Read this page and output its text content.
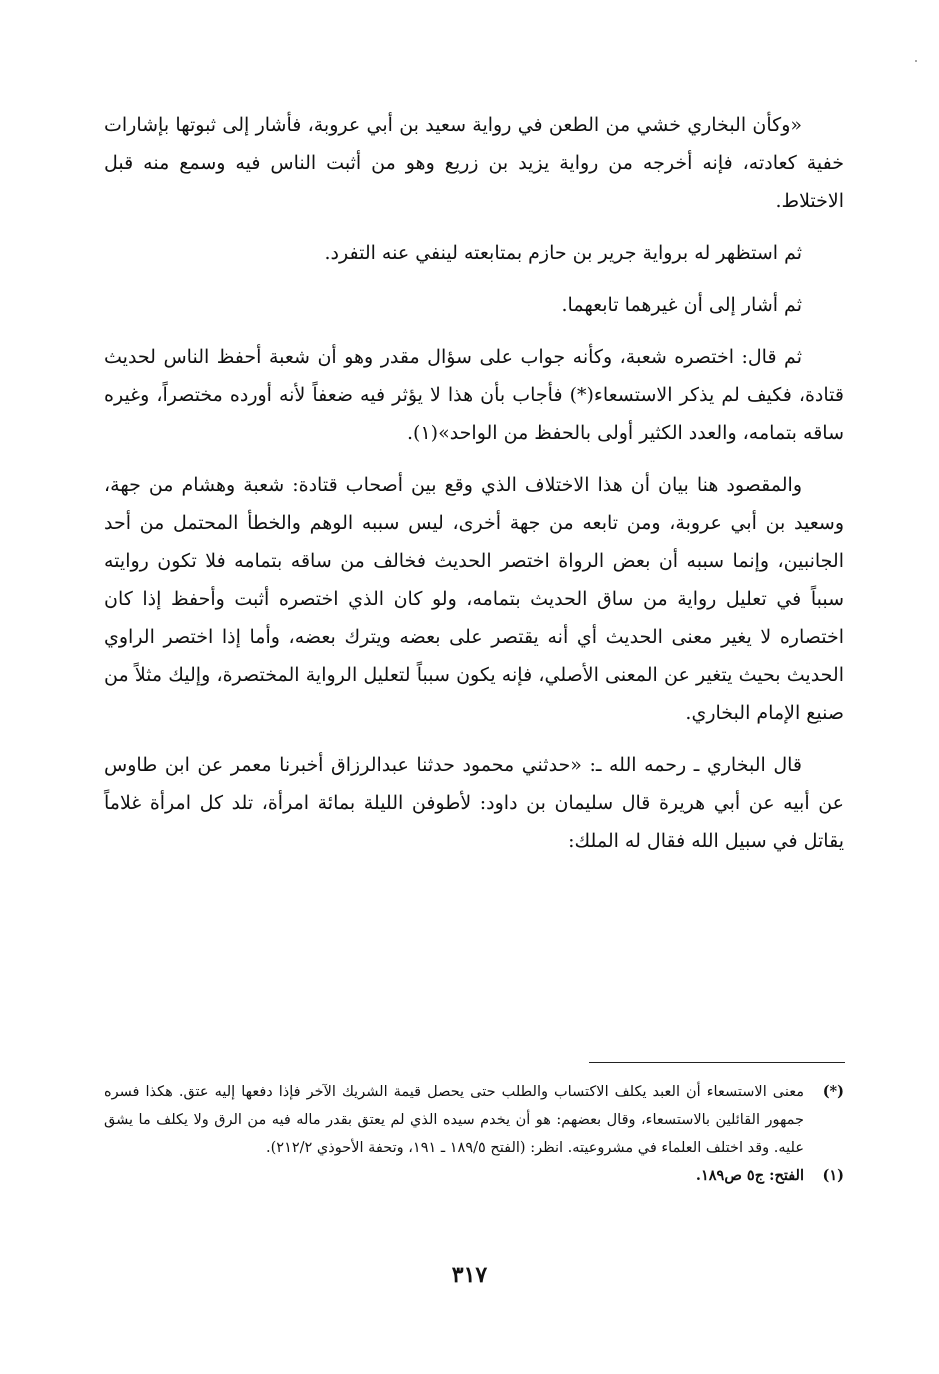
«وكأن البخاري خشي من الطعن في رواية سعيد بن أبي عروبة، فأشار إلى ثبوتها بإشارات خفية كعادته، فإنه أخرجه من رواية يزيد بن زريع وهو من أثبت الناس فيه وسمع منه قبل الاختلاط.

ثم استظهر له برواية جرير بن حازم بمتابعته لينفي عنه التفرد.

ثم أشار إلى أن غيرهما تابعهما.

ثم قال: اختصره شعبة، وكأنه جواب على سؤال مقدر وهو أن شعبة أحفظ الناس لحديث قتادة، فكيف لم يذكر الاستسعاء(*) فأجاب بأن هذا لا يؤثر فيه ضعفاً لأنه أورده مختصراً، وغيره ساقه بتمامه، والعدد الكثير أولى بالحفظ من الواحد»(١).

والمقصود هنا بيان أن هذا الاختلاف الذي وقع بين أصحاب قتادة: شعبة وهشام من جهة، وسعيد بن أبي عروبة، ومن تابعه من جهة أخرى، ليس سببه الوهم والخطأ المحتمل من أحد الجانبين، وإنما سببه أن بعض الرواة اختصر الحديث فخالف من ساقه بتمامه فلا تكون روايته سبباً في تعليل رواية من ساق الحديث بتمامه، ولو كان الذي اختصره أثبت وأحفظ إذا كان اختصاره لا يغير معنى الحديث أي أنه يقتصر على بعضه ويترك بعضه، وأما إذا اختصر الراوي الحديث بحيث يتغير عن المعنى الأصلي، فإنه يكون سبباً لتعليل الرواية المختصرة، وإليك مثلاً من صنيع الإمام البخاري.

قال البخاري ـ رحمه الله ـ: «حدثني محمود حدثنا عبدالرزاق أخبرنا معمر عن ابن طاوس عن أبيه عن أبي هريرة قال سليمان بن داود: لأطوفن الليلة بمائة امرأة، تلد كل امرأة غلاماً يقاتل في سبيل الله فقال له الملك:

(*)
معنى الاستسعاء أن العبد يكلف الاكتساب والطلب حتى يحصل قيمة الشريك الآخر فإذا دفعها إليه عتق. هكذا فسره جمهور القائلين بالاستسعاء، وقال بعضهم: هو أن يخدم سيده الذي لم يعتق بقدر ماله فيه من الرق ولا يكلف ما يشق عليه. وقد اختلف العلماء في مشروعيته. انظر: (الفتح ١٨٩/٥ ـ ١٩١، وتحفة الأحوذي ٢١٢/٢).

(١)
الفتح: ج٥ ص١٨٩.

٣١٧
